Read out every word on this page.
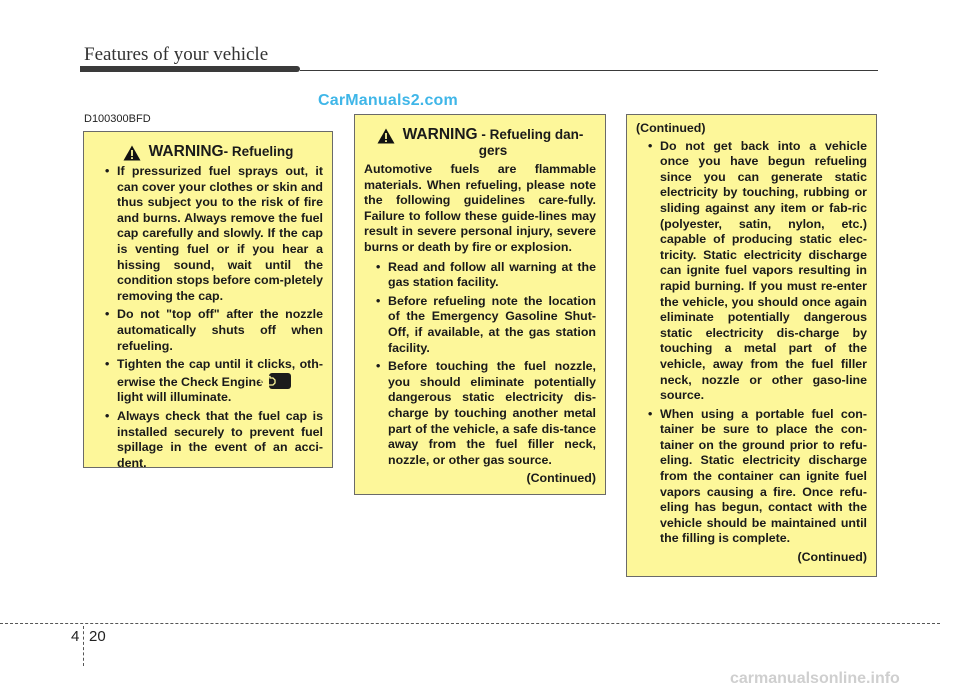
Features of your vehicle
D100300BFD
CarManuals2.com
WARNING - Refueling
• If pressurized fuel sprays out, it can cover your clothes or skin and thus subject you to the risk of fire and burns. Always remove the fuel cap carefully and slowly. If the cap is venting fuel or if you hear a hissing sound, wait until the condition stops before com-pletely removing the cap.
• Do not "top off" after the nozzle automatically shuts off when refueling.
• Tighten the cap until it clicks, oth-erwise the Check Engine
light will illuminate.
• Always check that the fuel cap is installed securely to prevent fuel spillage in the event of an acci-dent.
WARNING - Refueling dan-
gers

Automotive fuels are flammable materials. When refueling, please note the following guidelines care-fully. Failure to follow these guide-lines may result in severe personal injury, severe burns or death by fire or explosion.

• Read and follow all warning at the gas station facility.
• Before refueling note the location of the Emergency Gasoline Shut-Off, if available, at the gas station facility.
• Before touching the fuel nozzle, you should eliminate potentially dangerous static electricity dis-charge by touching another metal part of the vehicle, a safe dis-tance away from the fuel filler neck, nozzle, or other gas source.
(Continued)
(Continued)
• Do not get back into a vehicle once you have begun refueling since you can generate static electricity by touching, rubbing or sliding against any item or fab-ric (polyester, satin, nylon, etc.) capable of producing static elec-tricity. Static electricity discharge can ignite fuel vapors resulting in rapid burning. If you must re-enter the vehicle, you should once again eliminate potentially dangerous static electricity dis-charge by touching a metal part of the vehicle, away from the fuel filler neck, nozzle or other gaso-line source.
• When using a portable fuel con-tainer be sure to place the con-tainer on the ground prior to refu-eling. Static electricity discharge from the container can ignite fuel vapors causing a fire. Once refu-eling has begun, contact with the vehicle should be maintained until the filling is complete.
(Continued)
4 20
carmanualsonline.info
